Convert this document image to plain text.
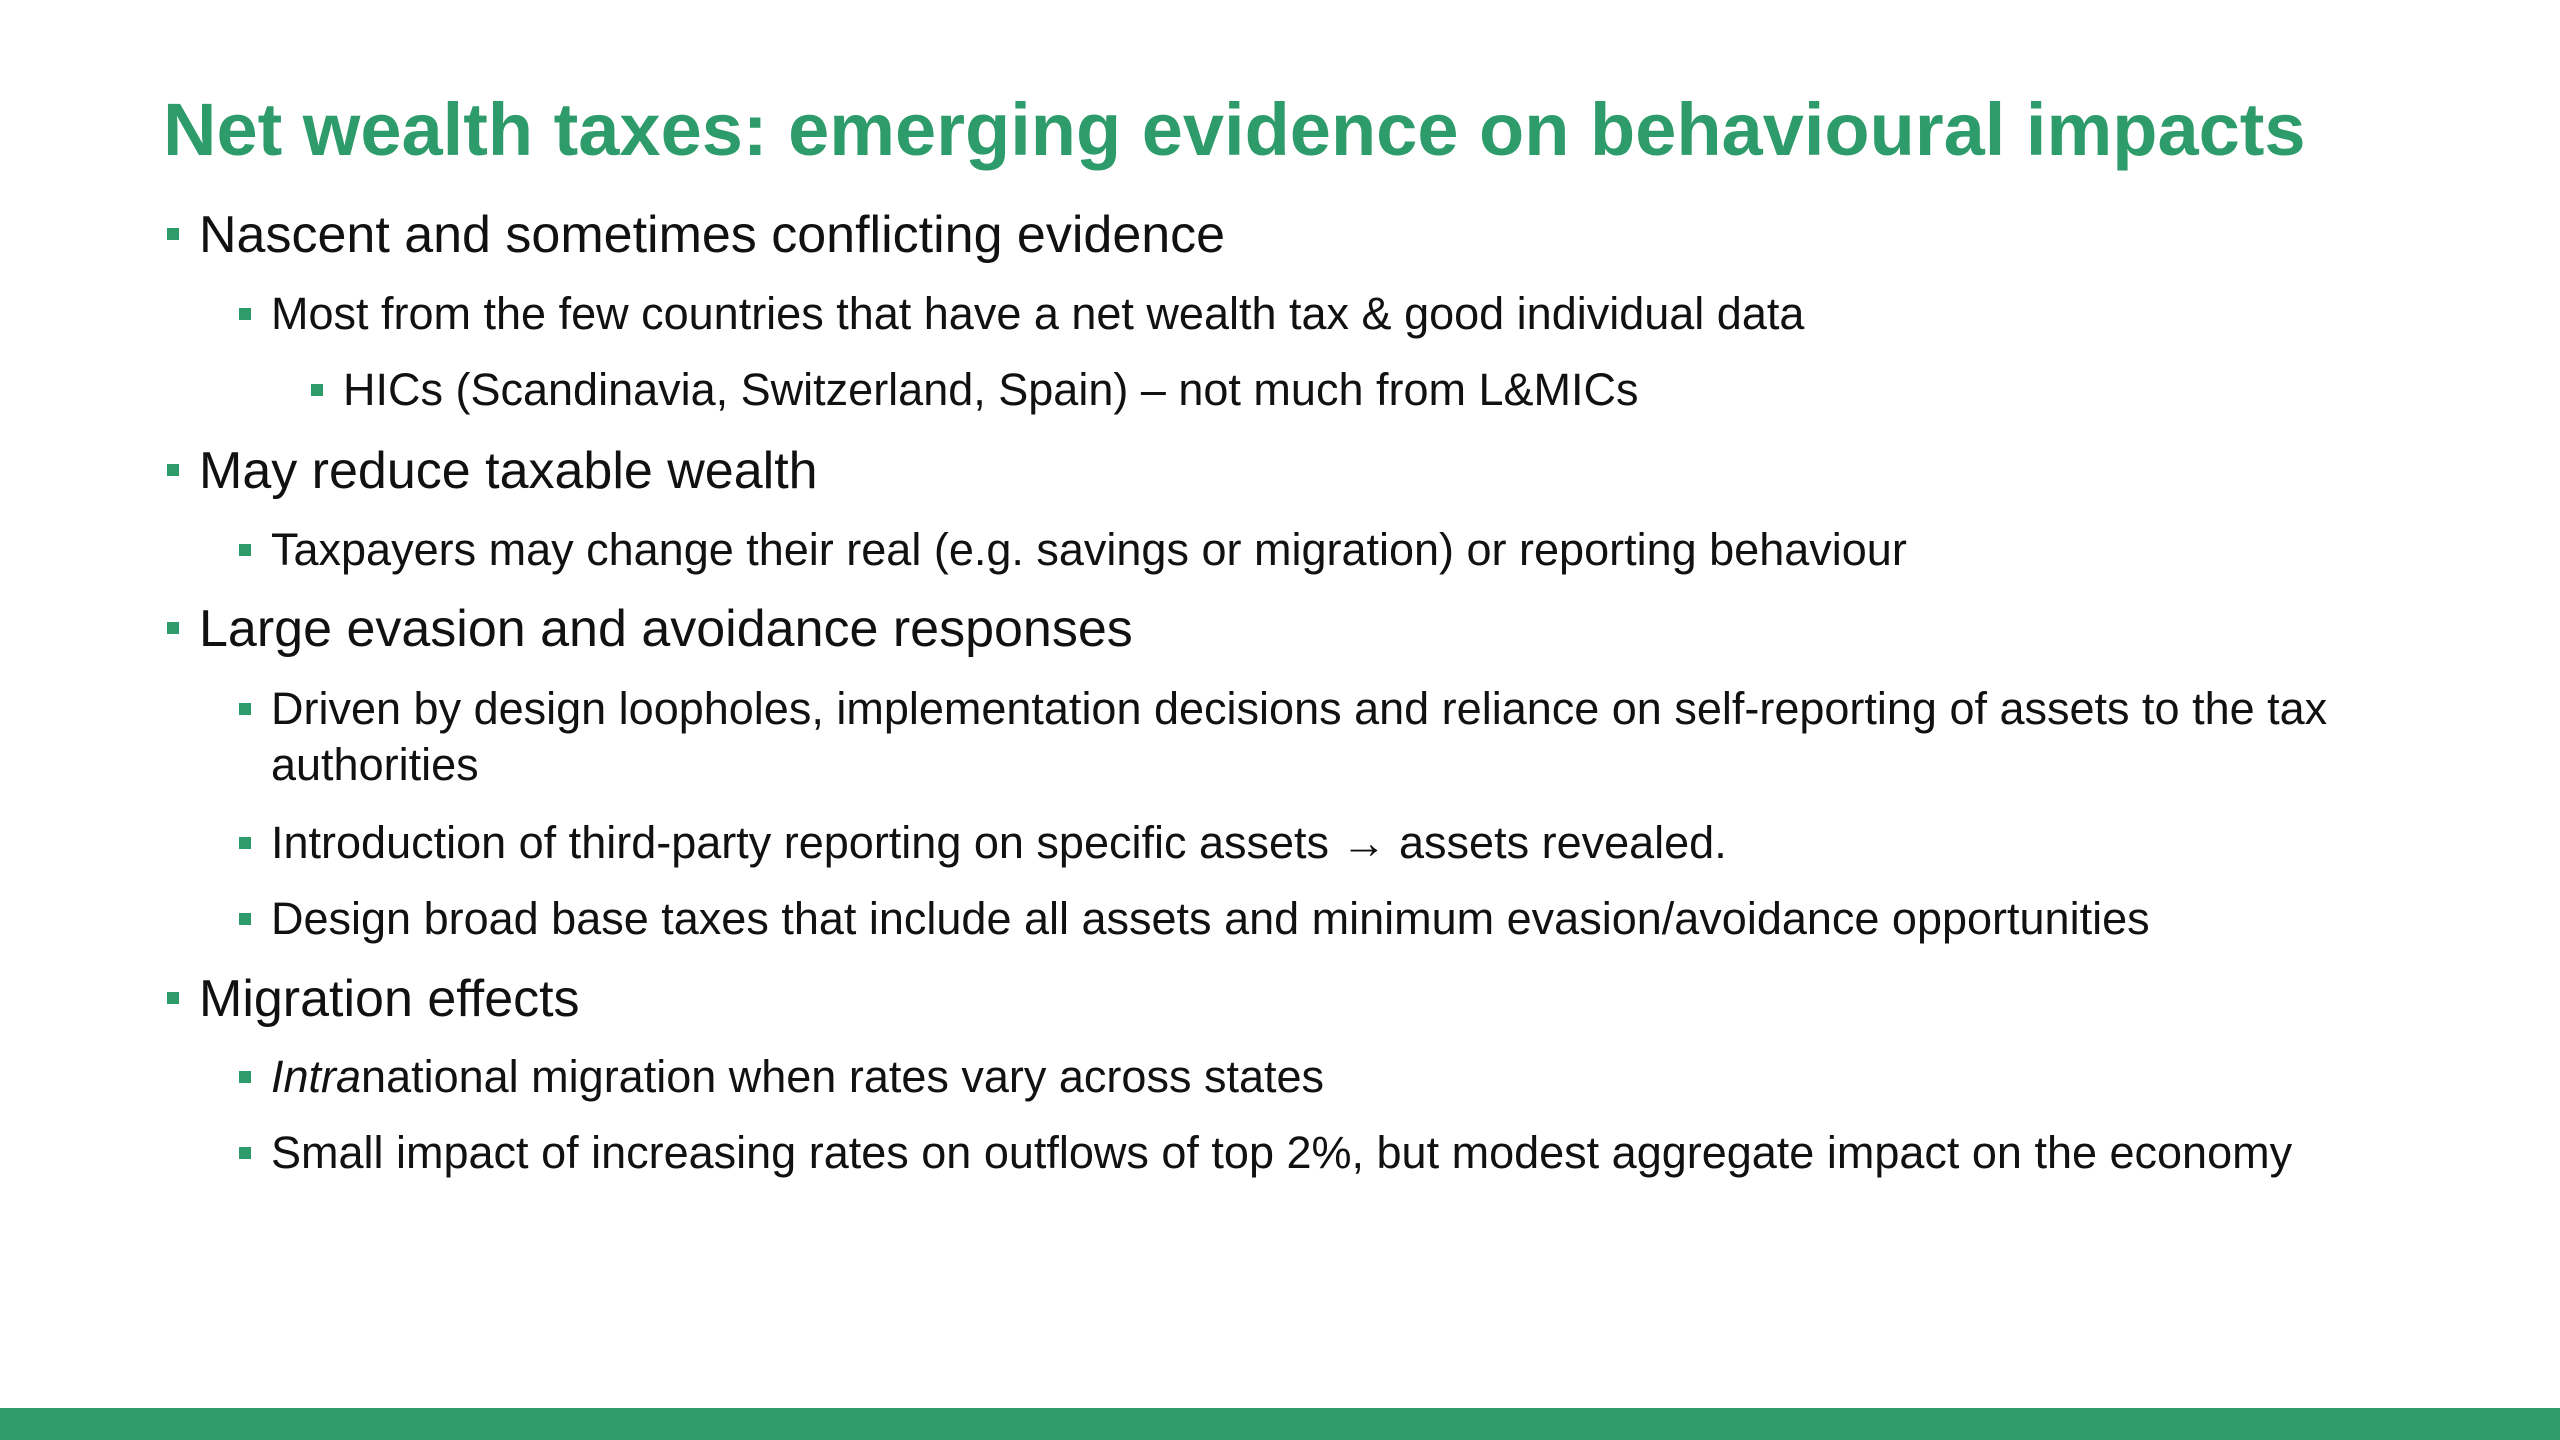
Net wealth taxes: emerging evidence on behavioural impacts
Nascent and sometimes conflicting evidence
Most from the few countries that have a net wealth tax & good individual data
HICs (Scandinavia, Switzerland, Spain) – not much from L&MICs
May reduce taxable wealth
Taxpayers may change their real (e.g. savings or migration) or reporting behaviour
Large evasion and avoidance responses
Driven by design loopholes, implementation decisions and reliance on self-reporting of assets to the tax authorities
Introduction of third-party reporting on specific assets → assets revealed.
Design broad base taxes that include all assets and minimum evasion/avoidance opportunities
Migration effects
Intranational migration when rates vary across states
Small impact of increasing rates on outflows of top 2%, but modest aggregate impact on the economy
